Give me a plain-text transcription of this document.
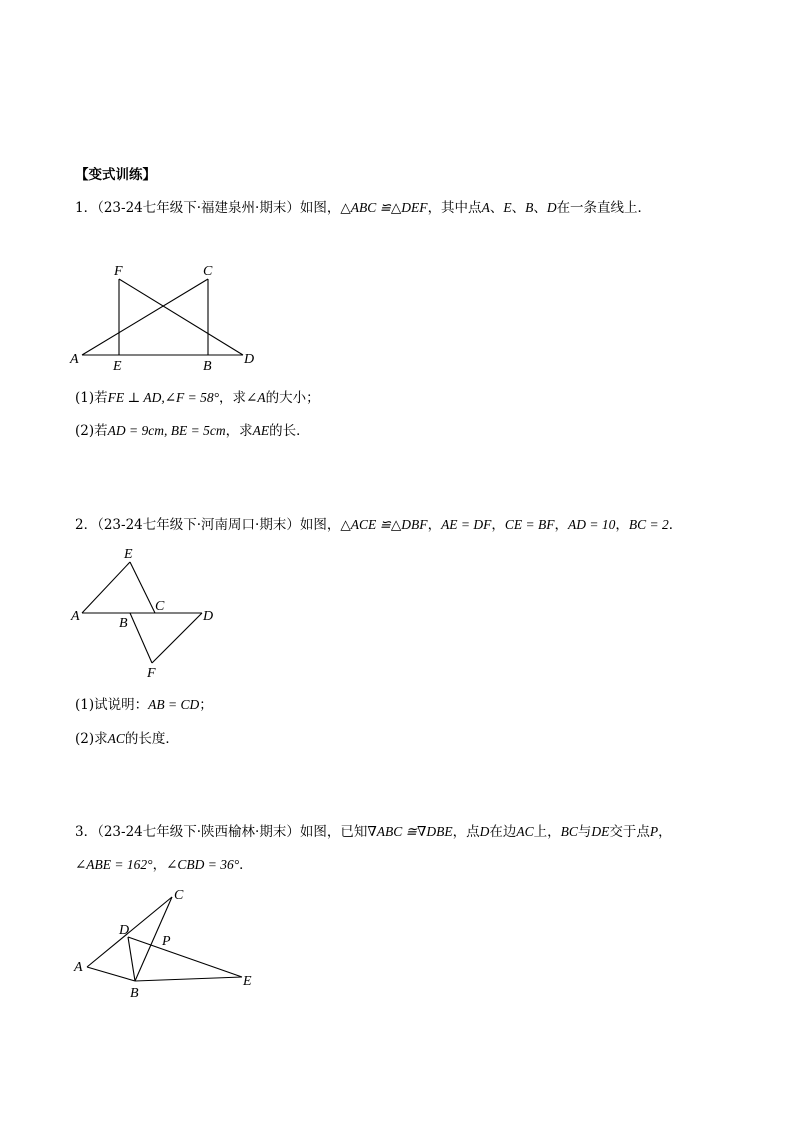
【变式训练】
1．（23-24七年级下·福建泉州·期末）如图，△ABC ≌△DEF，其中点A、E、B、D在一条直线上．
F	C
A E	B D
(1)若FE ⊥ AD,∠F = 58°，求∠A的大小；
(2)若AD = 9cm, BE = 5cm，求AE的长．
2．（23-24七年级下·河南周口·期末）如图，△ACE ≌△DBF，AE = DF，CE = BF，AD = 10，BC = 2．
E
A
C
D
B
F
(1)试说明：AB = CD；
(2)求AC的长度．
3．（23-24七年级下·陕西榆林·期末）如图，已知∇ABC ≅∇DBE，点D在边AC上，BC与DE交于点P，
∠ABE = 162°，∠CBD = 36°．
C
D
P
A
B
E
